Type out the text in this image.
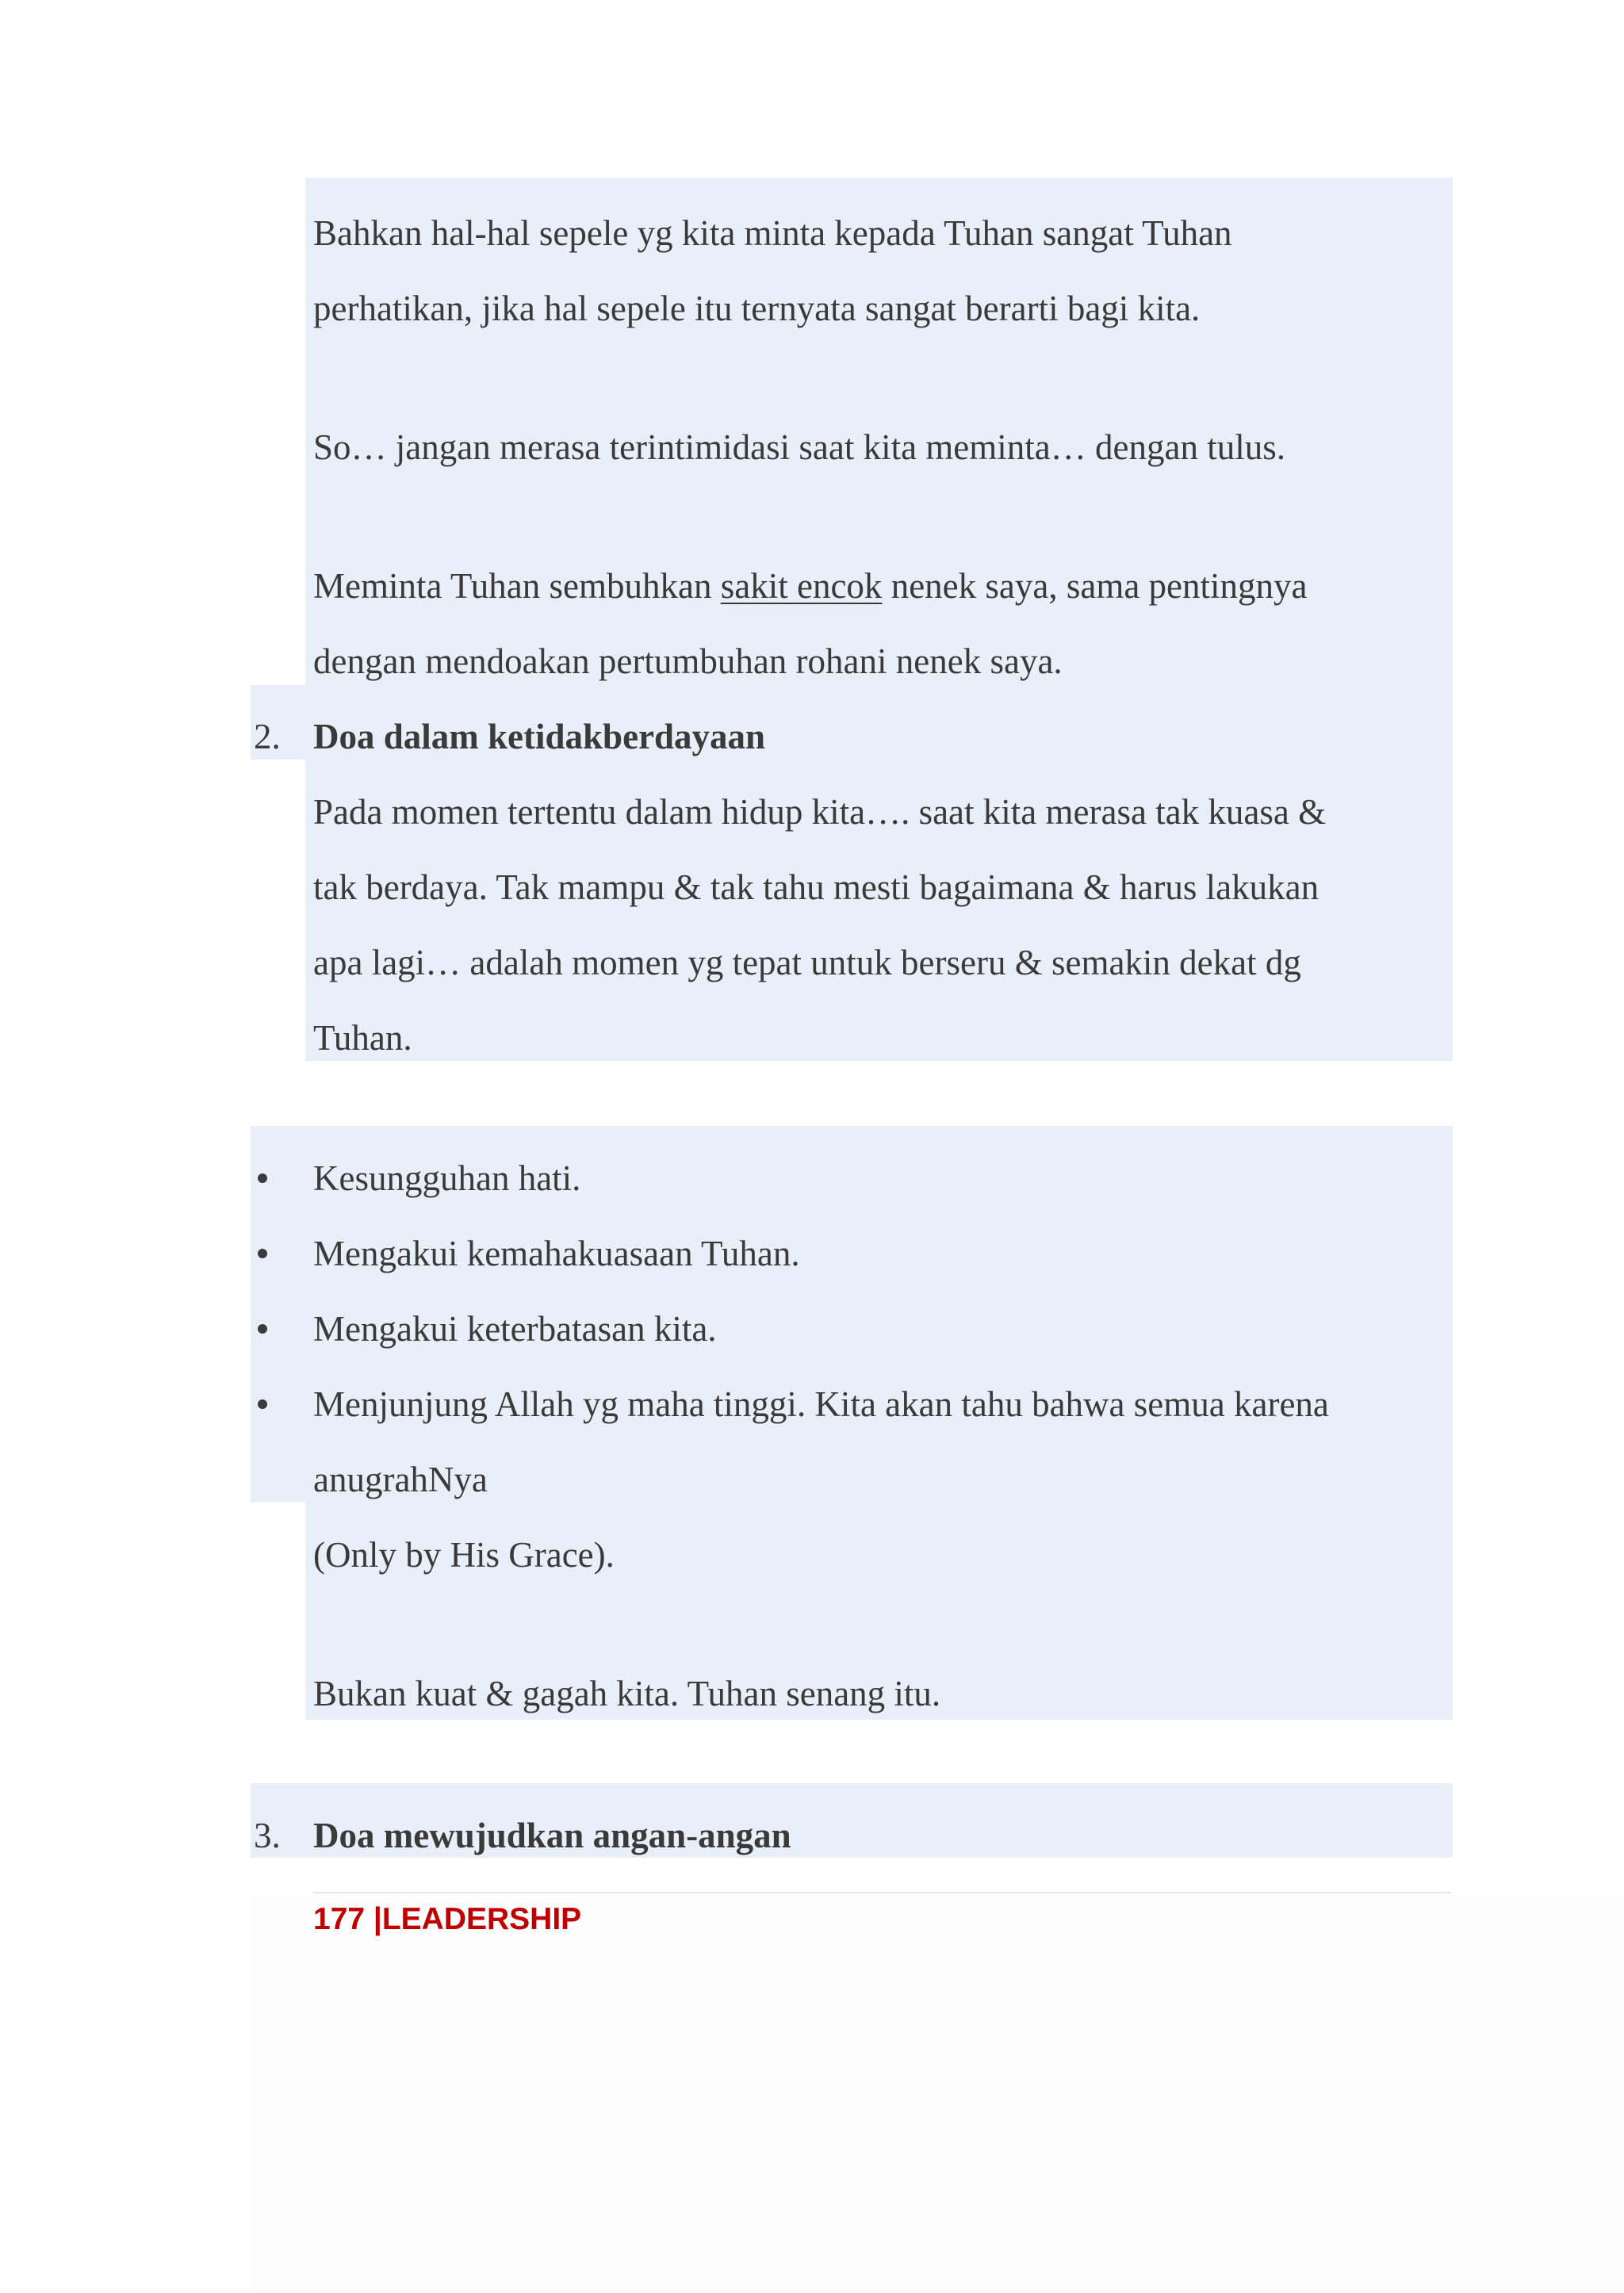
Bahkan hal-hal sepele yg kita minta kepada Tuhan sangat Tuhan

perhatikan, jika hal sepele itu ternyata sangat berarti bagi kita.

So… jangan merasa terintimidasi saat kita meminta… dengan tulus.

Meminta Tuhan sembuhkan sakit encok nenek saya, sama pentingnya

dengan mendoakan pertumbuhan rohani nenek saya.

2. Doa dalam ketidakberdayaan

Pada momen tertentu dalam hidup kita…. saat kita merasa tak kuasa &

tak berdaya. Tak mampu & tak tahu mesti bagaimana & harus lakukan

apa lagi… adalah momen yg tepat untuk berseru & semakin dekat dg

Tuhan.

Kesungguhan hati.

Mengakui kemahakuasaan Tuhan.

Mengakui keterbatasan kita.

Menjunjung Allah yg maha tinggi. Kita akan tahu bahwa semua karena

anugrahNya

(Only by His Grace).

Bukan kuat & gagah kita. Tuhan senang itu.

3. Doa mewujudkan angan-angan

177 |LEADERSHIP
